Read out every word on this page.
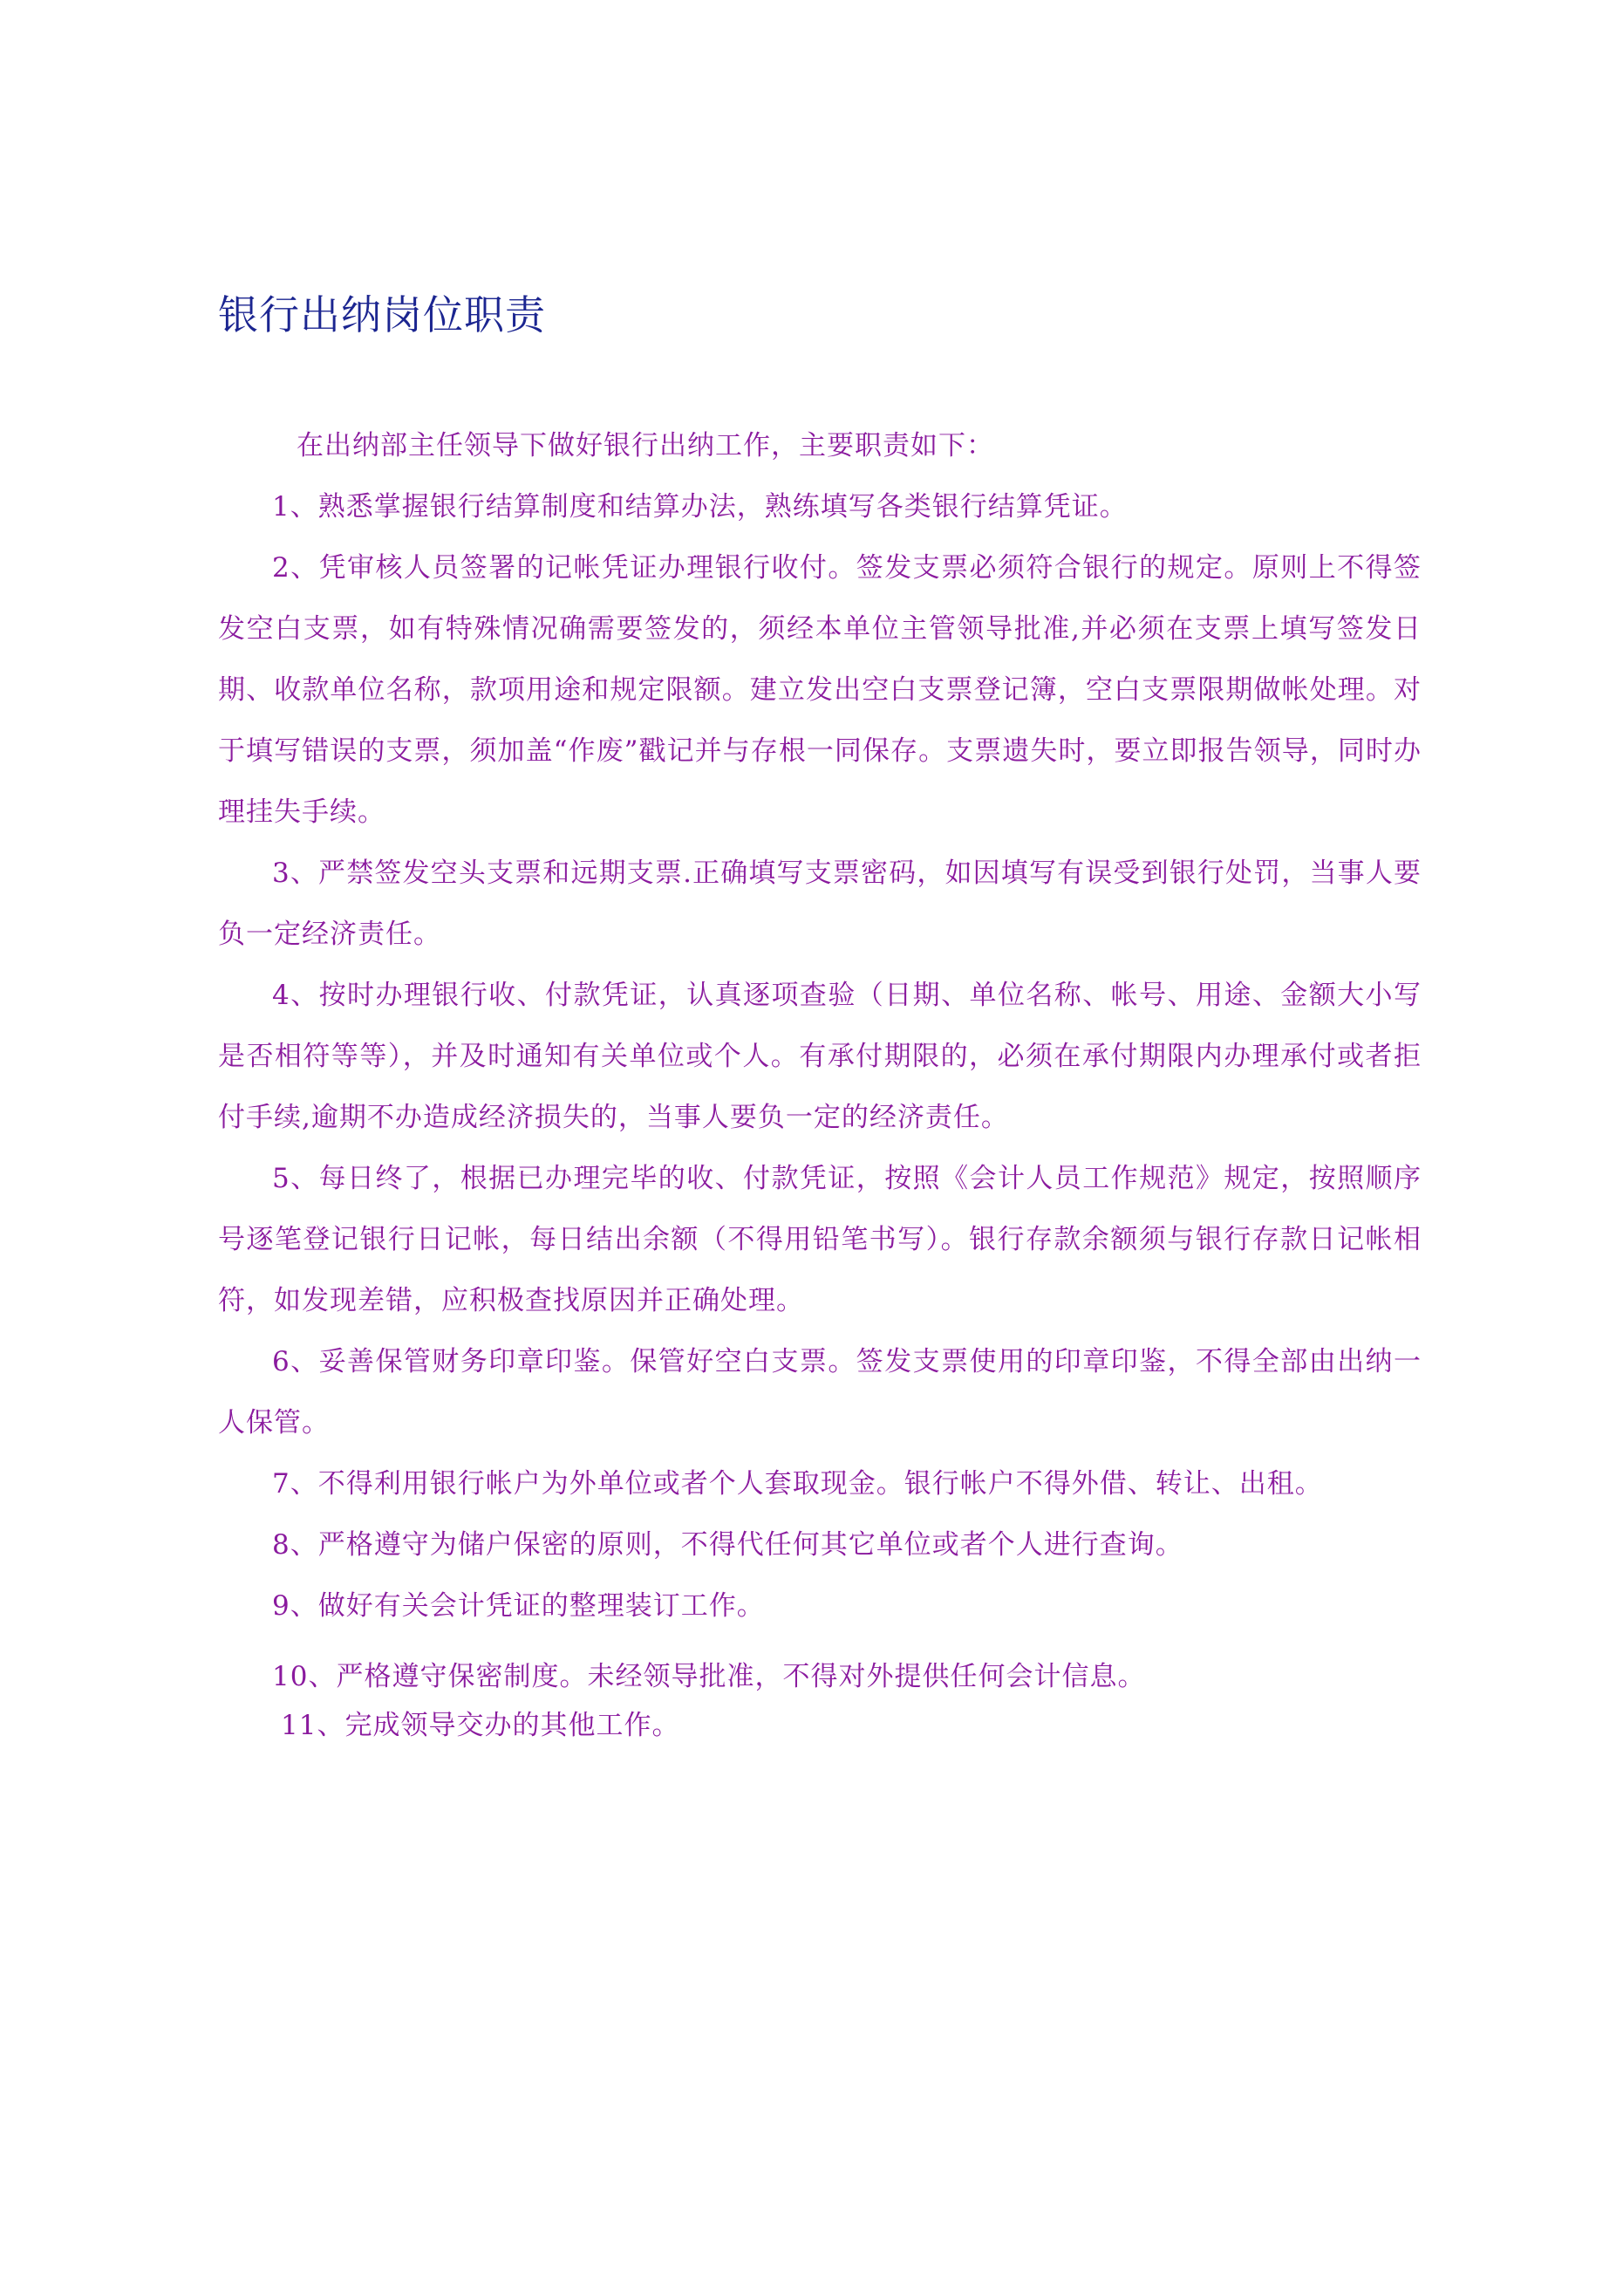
银行出纳岗位职责

在出纳部主任领导下做好银行出纳工作，主要职责如下：

1、熟悉掌握银行结算制度和结算办法，熟练填写各类银行结算凭证。

2、凭审核人员签署的记帐凭证办理银行收付。签发支票必须符合银行的规定。原则上不得签发空白支票，如有特殊情况确需要签发的，须经本单位主管领导批准,并必须在支票上填写签发日期、收款单位名称，款项用途和规定限额。建立发出空白支票登记簿，空白支票限期做帐处理。对于填写错误的支票，须加盖“作废”戳记并与存根一同保存。支票遗失时，要立即报告领导，同时办理挂失手续。

3、严禁签发空头支票和远期支票.正确填写支票密码，如因填写有误受到银行处罚，当事人要负一定经济责任。

4、按时办理银行收、付款凭证，认真逐项查验（日期、单位名称、帐号、用途、金额大小写是否相符等等），并及时通知有关单位或个人。有承付期限的，必须在承付期限内办理承付或者拒付手续,逾期不办造成经济损失的，当事人要负一定的经济责任。

5、每日终了，根据已办理完毕的收、付款凭证，按照《会计人员工作规范》规定，按照顺序号逐笔登记银行日记帐，每日结出余额（不得用铅笔书写）。银行存款余额须与银行存款日记帐相符，如发现差错，应积极查找原因并正确处理。

6、妥善保管财务印章印鉴。保管好空白支票。签发支票使用的印章印鉴，不得全部由出纳一人保管。

7、不得利用银行帐户为外单位或者个人套取现金。银行帐户不得外借、转让、出租。

8、严格遵守为储户保密的原则，不得代任何其它单位或者个人进行查询。

9、做好有关会计凭证的整理装订工作。

10、严格遵守保密制度。未经领导批准，不得对外提供任何会计信息。

11、完成领导交办的其他工作。
